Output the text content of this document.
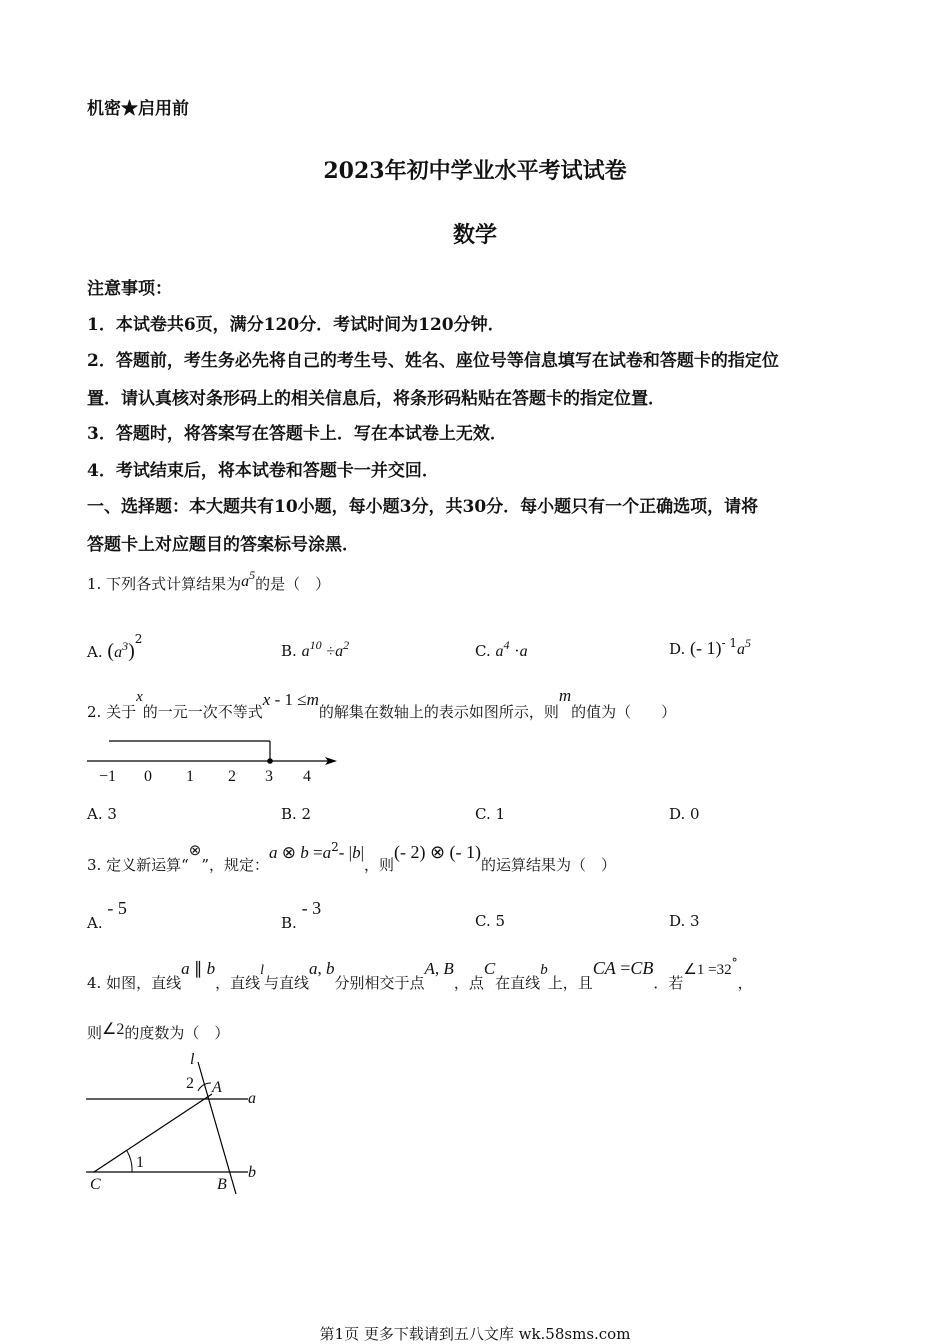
机密★启用前
2023年初中学业水平考试试卷
数学
注意事项：
1．本试卷共6页，满分120分．考试时间为120分钟．
2．答题前，考生务必先将自己的考生号、姓名、座位号等信息填写在试卷和答题卡的指定位
置．请认真核对条形码上的相关信息后，将条形码粘贴在答题卡的指定位置．
3．答题时，将答案写在答题卡上．写在本试卷上无效．
4．考试结束后，将本试卷和答题卡一并交回．
一、选择题：本大题共有10小题，每小题3分，共30分．每小题只有一个正确选项，请将
答题卡上对应题目的答案标号涂黑．
1. 下列各式计算结果为$a^5$的是（　）
A. $(a^3)^2$
B. $a^{10} \div a^2$	C. $a^4 \cdot a$	D. (- $1)^{- 1}a^5$
2. 关于x的一元一次不等式x - 1 ≤m的解集在数轴上的表示如图所示，则m的值为（　　）
−1 0 1 2 3 4
A. 3	B. 2	C. 1	D. 0
3. 定义新运算“⊗”，规定：a ⊗ $b =a^2-$ |b|，则(- 2) ⊗ (- 1)的运算结果为（　）
A. - 5
B. - 3
C. 5	D. 3
4. 如图，直线a ∥ b，直线l与直线a, b分别相交于点A, B，点C在直线b上，且CA =CB．若∠1 =32°，
则∠2的度数为（　）
l
2 A
a
1
C	B
b
第1页 更多下载请到五八文库 wk.58sms.com
